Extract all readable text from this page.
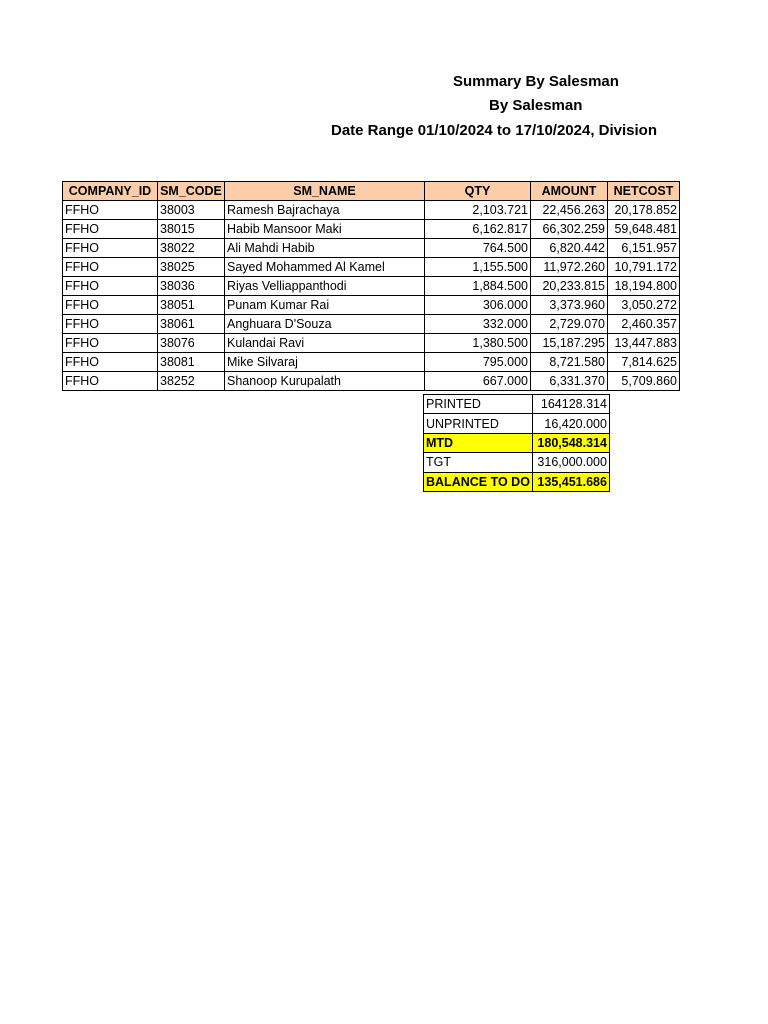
Summary By Salesman
By Salesman
Date Range 01/10/2024 to 17/10/2024, Division
COMPANY_ID	SM_CODE	SM_NAME	QTY	AMOUNT	NETCOST
FFHO	38003	Ramesh Bajrachaya	2,103.721	22,456.263	20,178.852
FFHO	38015	Habib Mansoor Maki	6,162.817	66,302.259	59,648.481
FFHO	38022	Ali Mahdi Habib	764.500	6,820.442	6,151.957
FFHO	38025	Sayed Mohammed Al Kamel	1,155.500	11,972.260	10,791.172
FFHO	38036	Riyas Velliappanthodi	1,884.500	20,233.815	18,194.800
FFHO	38051	Punam Kumar Rai	306.000	3,373.960	3,050.272
FFHO	38061	Anghuara D'Souza	332.000	2,729.070	2,460.357
FFHO	38076	Kulandai Ravi	1,380.500	15,187.295	13,447.883
FFHO	38081	Mike Silvaraj	795.000	8,721.580	7,814.625
FFHO	38252	Shanoop Kurupalath	667.000	6,331.370	5,709.860
PRINTED	164128.314
UNPRINTED	16,420.000
MTD	180,548.314
TGT	316,000.000
BALANCE TO DO	135,451.686
